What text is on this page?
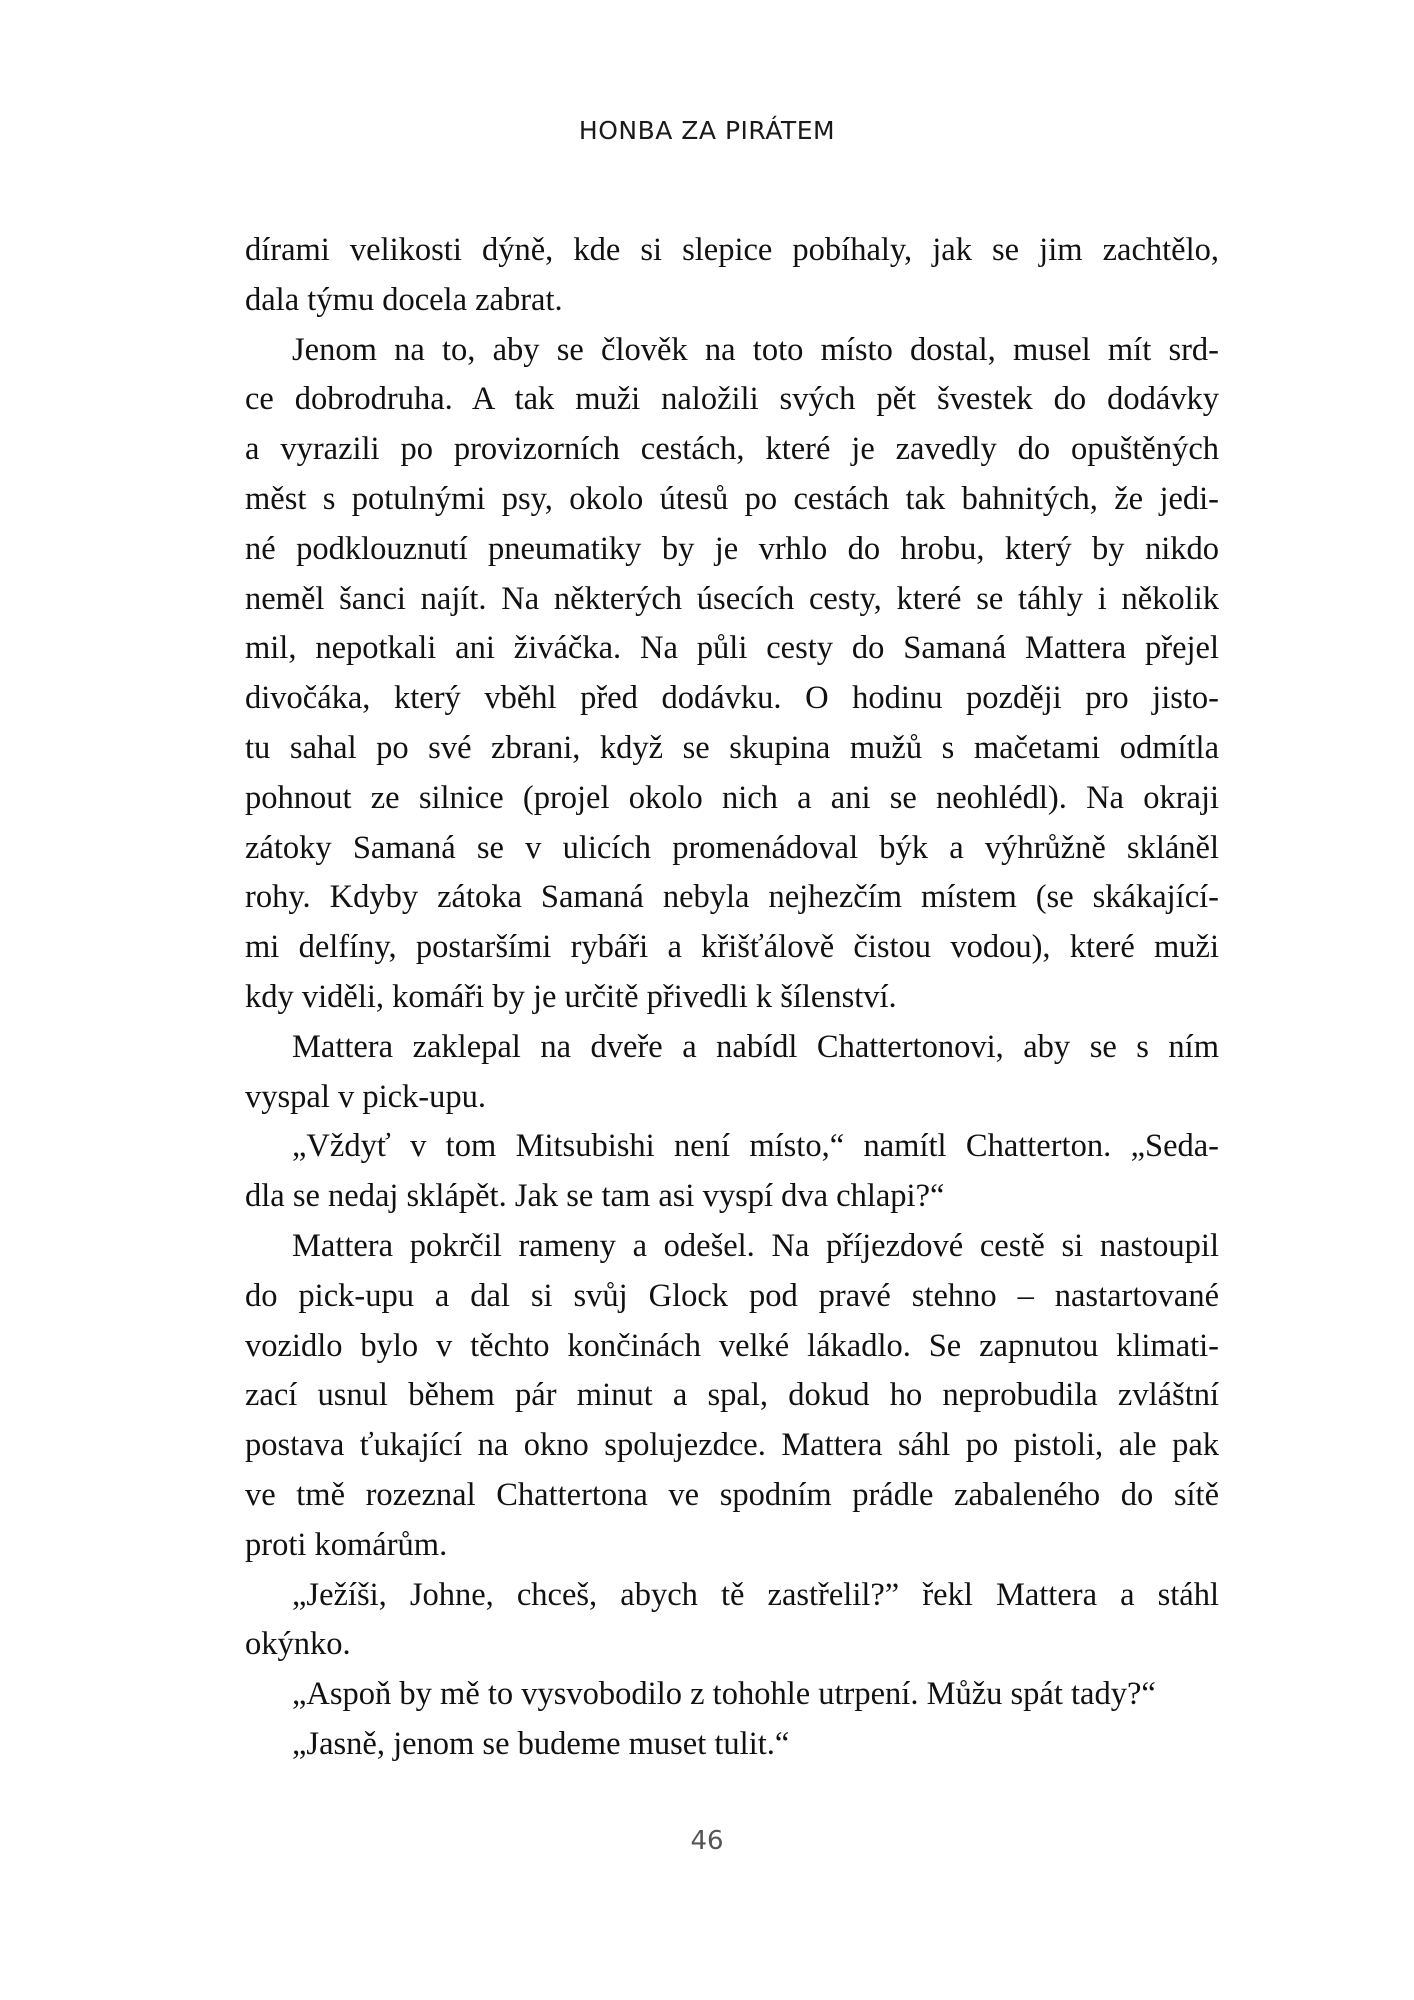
HONBA ZA PIRÁTEM

dírami velikosti dýně, kde si slepice pobíhaly, jak se jim zachtělo,
dala týmu docela zabrat.

Jenom na to, aby se člověk na toto místo dostal, musel mít srd-
ce dobrodruha. A tak muži naložili svých pět švestek do dodávky
a vyrazili po provizorních cestách, které je zavedly do opuštěných
měst s potulnými psy, okolo útesů po cestách tak bahnitých, že jedi-
né podklouznutí pneumatiky by je vrhlo do hrobu, který by nikdo
neměl šanci najít. Na některých úsecích cesty, které se táhly i několik
mil, nepotkali ani živáčka. Na půli cesty do Samaná Mattera přejel
divočáka, který vběhl před dodávku. O hodinu později pro jisto-
tu sahal po své zbrani, když se skupina mužů s mačetami odmítla
pohnout ze silnice (projel okolo nich a ani se neohlédl). Na okraji
zátoky Samaná se v ulicích promenádoval býk a výhrůžně skláněl
rohy. Kdyby zátoka Samaná nebyla nejhezčím místem (se skákající-
mi delfíny, postaršími rybáři a křišťálově čistou vodou), které muži
kdy viděli, komáři by je určitě přivedli k šílenství.

Mattera zaklepal na dveře a nabídl Chattertonovi, aby se s ním
vyspal v pick-upu.

„Vždyť v tom Mitsubishi není místo,“ namítl Chatterton. „Seda-
dla se nedaj sklápět. Jak se tam asi vyspí dva chlapi?“

Mattera pokrčil rameny a odešel. Na příjezdové cestě si nastoupil
do pick-upu a dal si svůj Glock pod pravé stehno – nastartované
vozidlo bylo v těchto končinách velké lákadlo. Se zapnutou klimati-
zací usnul během pár minut a spal, dokud ho neprobudila zvláštní
postava ťukající na okno spolujezdce. Mattera sáhl po pistoli, ale pak
ve tmě rozeznal Chattertona ve spodním prádle zabaleného do sítě
proti komárům.

„Ježíši, Johne, chceš, abych tě zastřelil?” řekl Mattera a stáhl
okýnko.

„Aspoň by mě to vysvobodilo z tohohle utrpení. Můžu spát tady?“

„Jasně, jenom se budeme muset tulit.“

46
